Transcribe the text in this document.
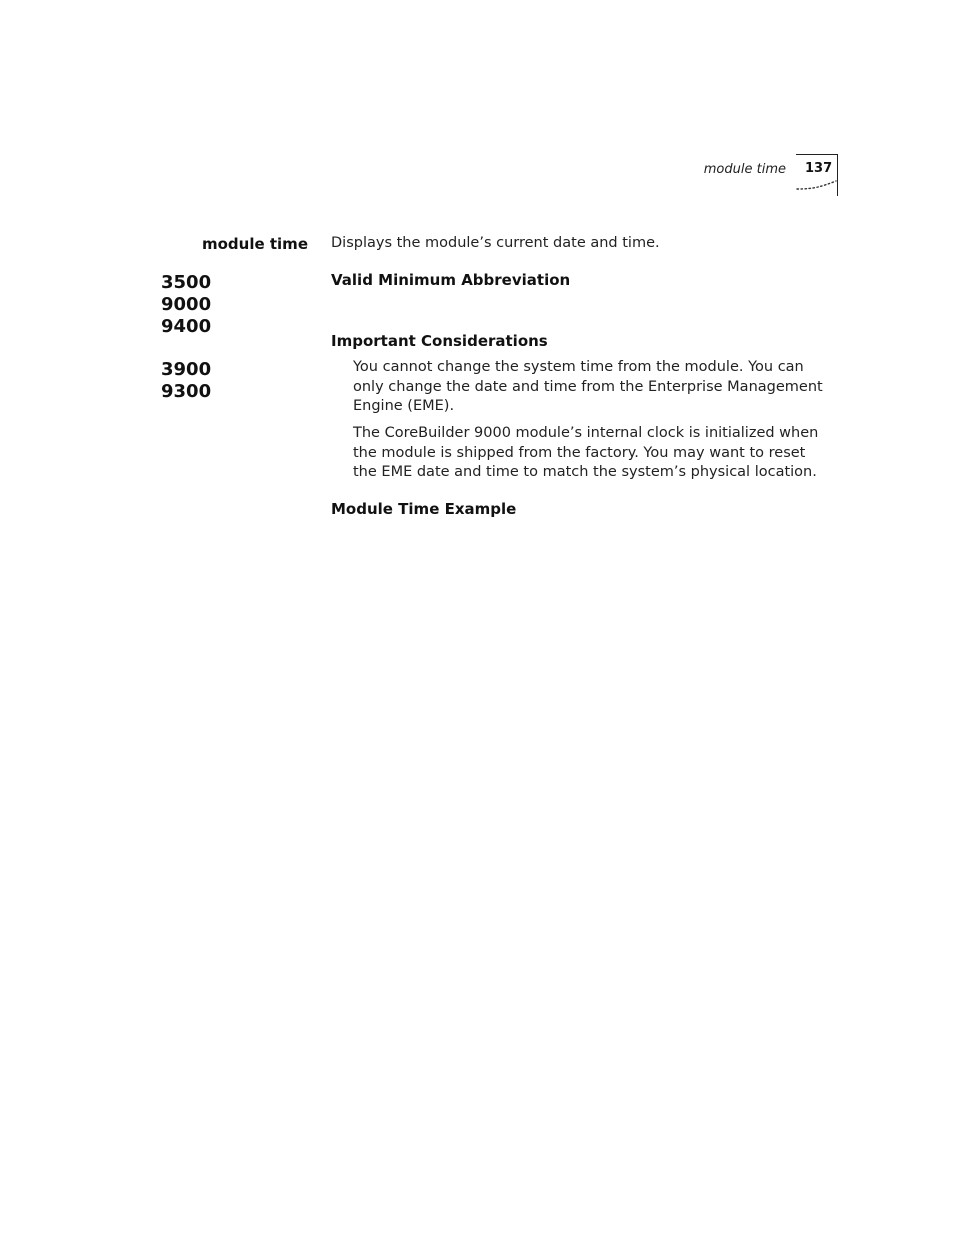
module time 137
module time Displays the module’s current date and time.
3500
9000
9400
3900
9300
Valid Minimum Abbreviation
Important Considerations
You cannot change the system time from the module. You can only change the date and time from the Enterprise Management Engine (EME).
The CoreBuilder 9000 module’s internal clock is initialized when the module is shipped from the factory. You may want to reset the EME date and time to match the system’s physical location.
Module Time Example
